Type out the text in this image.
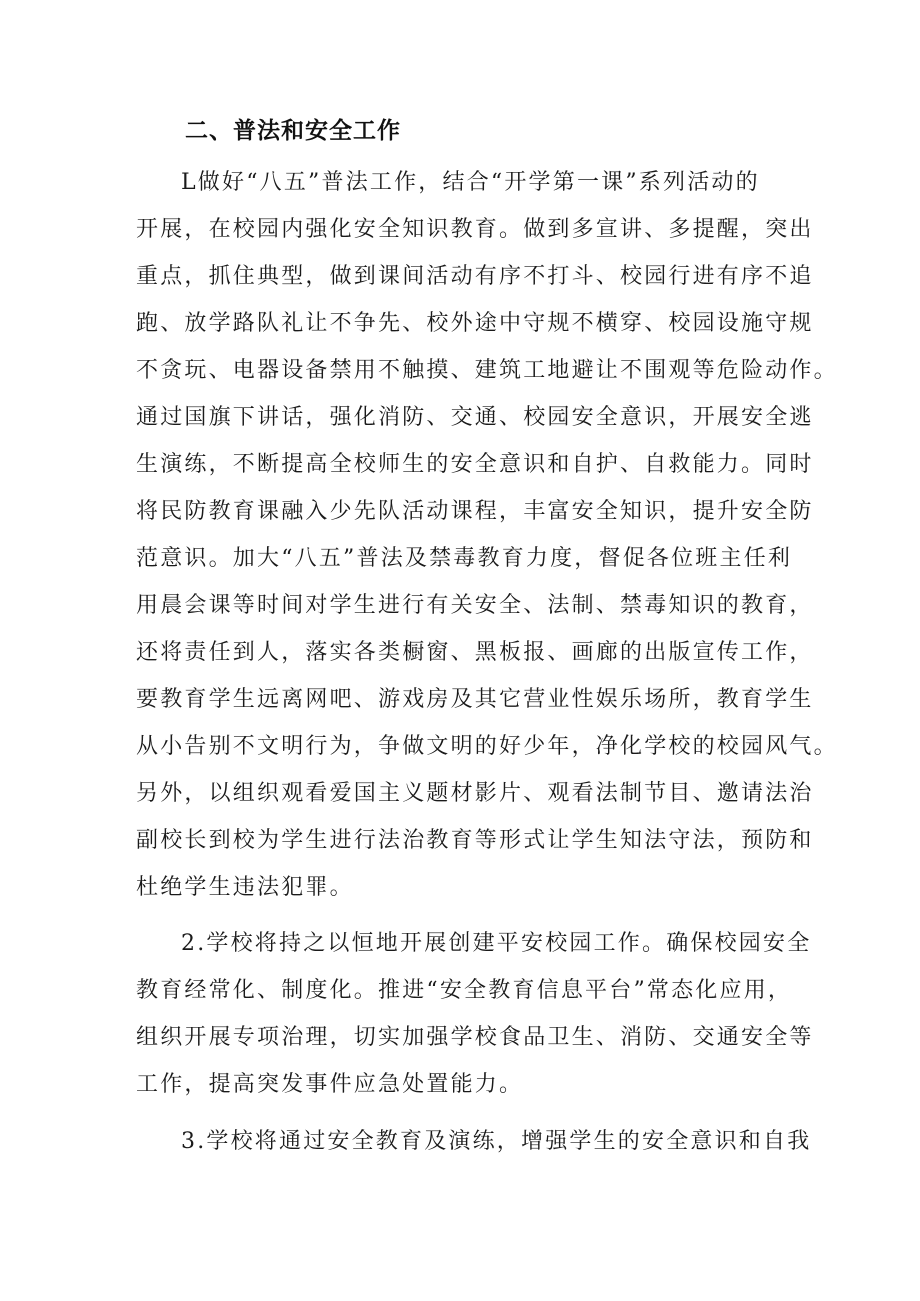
二、普法和安全工作

L做好“八五”普法工作，结合“开学第一课”系列活动的

开展，在校园内强化安全知识教育。做到多宣讲、多提醒，突出

重点，抓住典型，做到课间活动有序不打斗、校园行进有序不追

跑、放学路队礼让不争先、校外途中守规不横穿、校园设施守规

不贪玩、电器设备禁用不触摸、建筑工地避让不围观等危险动作。

通过国旗下讲话，强化消防、交通、校园安全意识，开展安全逃

生演练，不断提高全校师生的安全意识和自护、自救能力。同时

将民防教育课融入少先队活动课程，丰富安全知识，提升安全防

范意识。加大“八五”普法及禁毒教育力度，督促各位班主任利

用晨会课等时间对学生进行有关安全、法制、禁毒知识的教育，

还将责任到人，落实各类橱窗、黑板报、画廊的出版宣传工作，

要教育学生远离网吧、游戏房及其它营业性娱乐场所，教育学生

从小告别不文明行为，争做文明的好少年，净化学校的校园风气。

另外，以组织观看爱国主义题材影片、观看法制节目、邀请法治

副校长到校为学生进行法治教育等形式让学生知法守法，预防和

杜绝学生违法犯罪。

2.学校将持之以恒地开展创建平安校园工作。确保校园安全

教育经常化、制度化。推进“安全教育信息平台”常态化应用，

组织开展专项治理，切实加强学校食品卫生、消防、交通安全等

工作，提高突发事件应急处置能力。

3.学校将通过安全教育及演练，增强学生的安全意识和自我
